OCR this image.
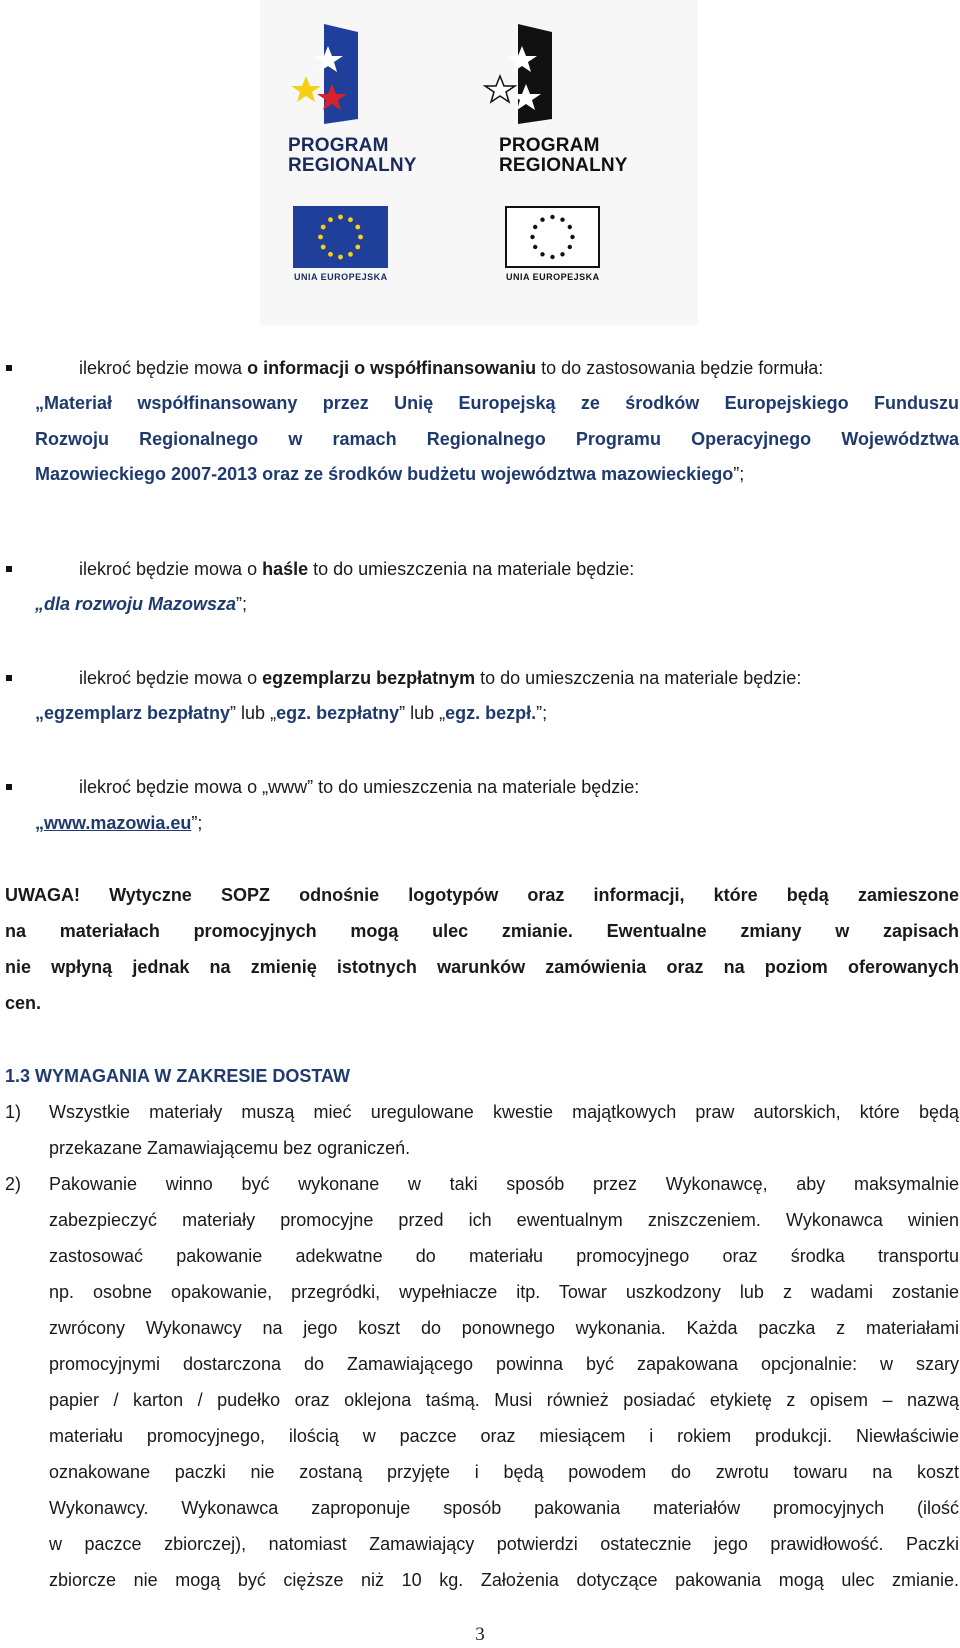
PROGRAM
REGIONALNY
PROGRAM
REGIONALNY
UNIA EUROPEJSKA	UNIA EUROPEJSKA
ilekroć będzie mowa o informacji o współfinansowaniu to do zastosowania będzie formuła:
„Materiał współfinansowany przez Unię Europejską ze środków Europejskiego Funduszu
Rozwoju Regionalnego w ramach Regionalnego Programu Operacyjnego Województwa
Mazowieckiego 2007-2013 oraz ze środków budżetu województwa mazowieckiego”;
ilekroć będzie mowa o haśle to do umieszczenia na materiale będzie:
„dla rozwoju Mazowsza”;
ilekroć będzie mowa o egzemplarzu bezpłatnym to do umieszczenia na materiale będzie:
„egzemplarz bezpłatny” lub „egz. bezpłatny” lub „egz. bezpł.”;
ilekroć będzie mowa o „www” to do umieszczenia na materiale będzie:
„www.mazowia.eu”;
UWAGA! Wytyczne SOPZ odnośnie logotypów oraz informacji, które będą zamieszone
na materiałach promocyjnych mogą ulec zmianie. Ewentualne zmiany w zapisach
nie wpłyną jednak na zmienię istotnych warunków zamówienia oraz na poziom oferowanych
cen.
1.3 WYMAGANIA W ZAKRESIE DOSTAW
1) Wszystkie materiały muszą mieć uregulowane kwestie majątkowych praw autorskich, które będą
przekazane Zamawiającemu bez ograniczeń.
2) Pakowanie winno być wykonane w taki sposób przez Wykonawcę, aby maksymalnie
zabezpieczyć materiały promocyjne przed ich ewentualnym zniszczeniem. Wykonawca winien
zastosować pakowanie adekwatne do materiału promocyjnego oraz środka transportu
np. osobne opakowanie, przegródki, wypełniacze itp. Towar uszkodzony lub z wadami zostanie
zwrócony Wykonawcy na jego koszt do ponownego wykonania. Każda paczka z materiałami
promocyjnymi dostarczona do Zamawiającego powinna być zapakowana opcjonalnie: w szary
papier / karton / pudełko oraz oklejona taśmą. Musi również posiadać etykietę z opisem – nazwą
materiału promocyjnego, ilością w paczce oraz miesiącem i rokiem produkcji. Niewłaściwie
oznakowane paczki nie zostaną przyjęte i będą powodem do zwrotu towaru na koszt
Wykonawcy. Wykonawca zaproponuje sposób pakowania materiałów promocyjnych (ilość
w paczce zbiorczej), natomiast Zamawiający potwierdzi ostatecznie jego prawidłowość. Paczki
zbiorcze nie mogą być cięższe niż 10 kg. Założenia dotyczące pakowania mogą ulec zmianie.
3
